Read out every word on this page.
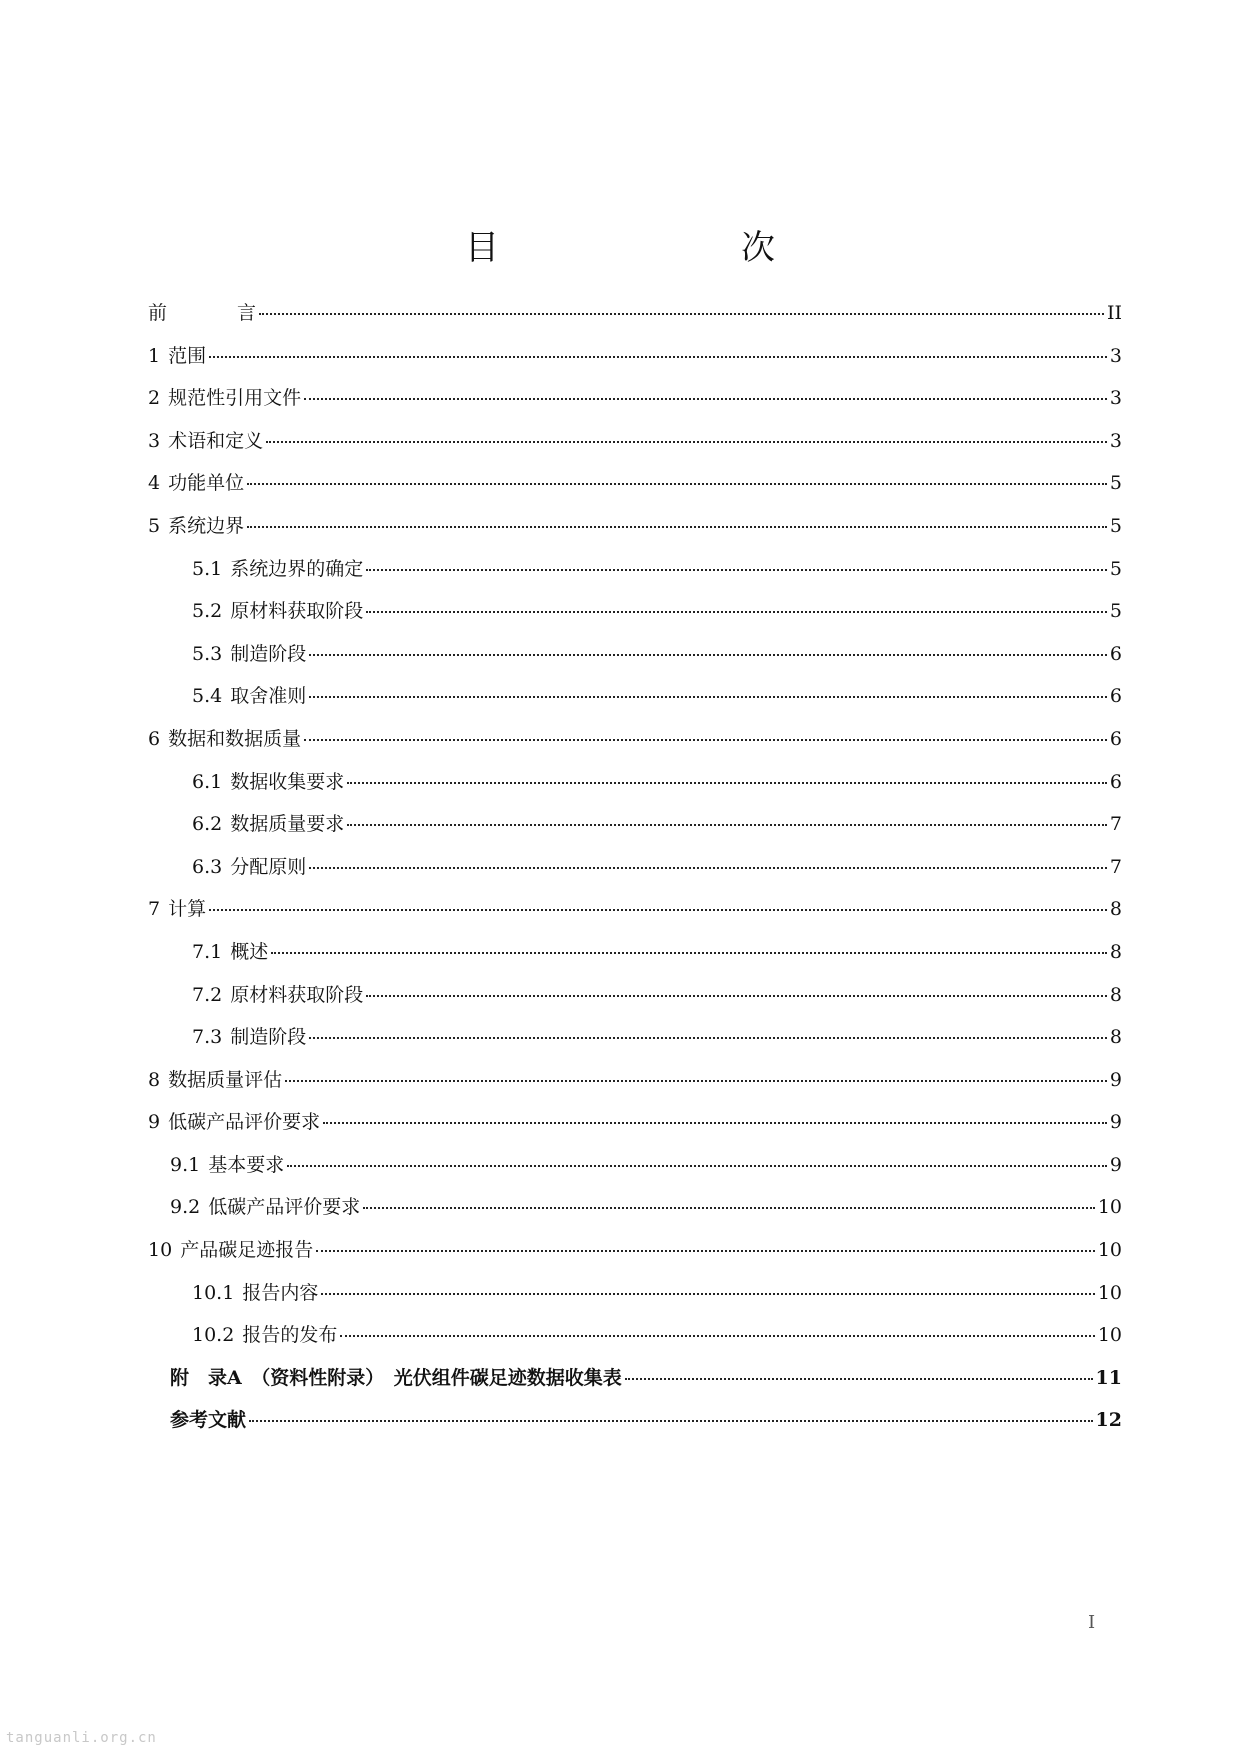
目　　次
前 言	II
1 范围	3
2 规范性引用文件	3
3 术语和定义	3
4 功能单位	5
5 系统边界	5
5.1 系统边界的确定	5
5.2 原材料获取阶段	5
5.3 制造阶段	6
5.4 取舍准则	6
6 数据和数据质量	6
6.1 数据收集要求	6
6.2 数据质量要求	7
6.3 分配原则	7
7 计算	8
7.1 概述	8
7.2 原材料获取阶段	8
7.3 制造阶段	8
8 数据质量评估	9
9 低碳产品评价要求	9
9.1 基本要求	9
9.2 低碳产品评价要求	10
10 产品碳足迹报告	10
10.1 报告内容	10
10.2 报告的发布	10
附　录A　（资料性附录）　光伏组件碳足迹数据收集表	11
参考文献	12
I
tanguanli.org.cn
